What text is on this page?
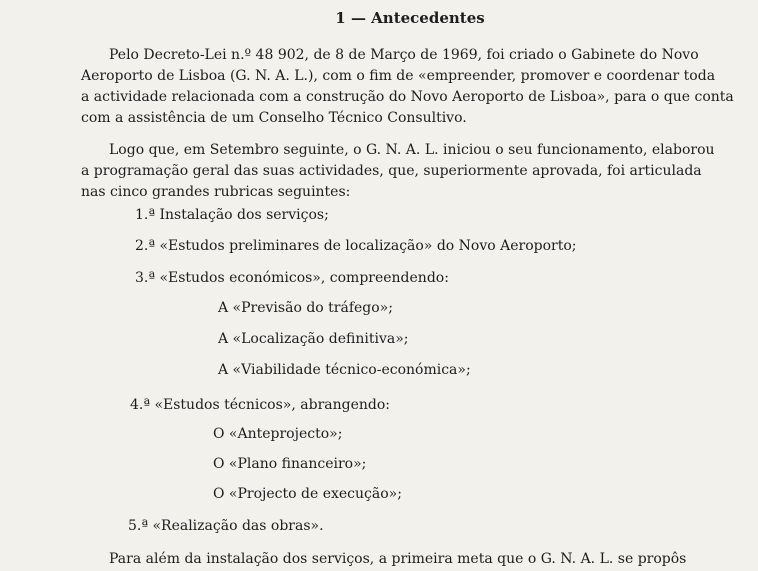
1 — Antecedentes
Pelo Decreto-Lei n.º 48 902, de 8 de Março de 1969, foi criado o Gabinete do Novo
Aeroporto de Lisboa (G. N. A. L.), com o fim de «empreender, promover e coordenar toda
a actividade relacionada com a construção do Novo Aeroporto de Lisboa», para o que conta
com a assistência de um Conselho Técnico Consultivo.
Logo que, em Setembro seguinte, o G. N. A. L. iniciou o seu funcionamento, elaborou
a programação geral das suas actividades, que, superiormente aprovada, foi articulada
nas cinco grandes rubricas seguintes:
1.ª Instalação dos serviços;
2.ª «Estudos preliminares de localização» do Novo Aeroporto;
3.ª «Estudos económicos», compreendendo:
A «Previsão do tráfego»;
A «Localização definitiva»;
A «Viabilidade técnico-económica»;
4.ª «Estudos técnicos», abrangendo:
O «Anteprojecto»;
O «Plano financeiro»;
O «Projecto de execução»;
5.ª «Realização das obras».
Para além da instalação dos serviços, a primeira meta que o G. N. A. L. se propôs
